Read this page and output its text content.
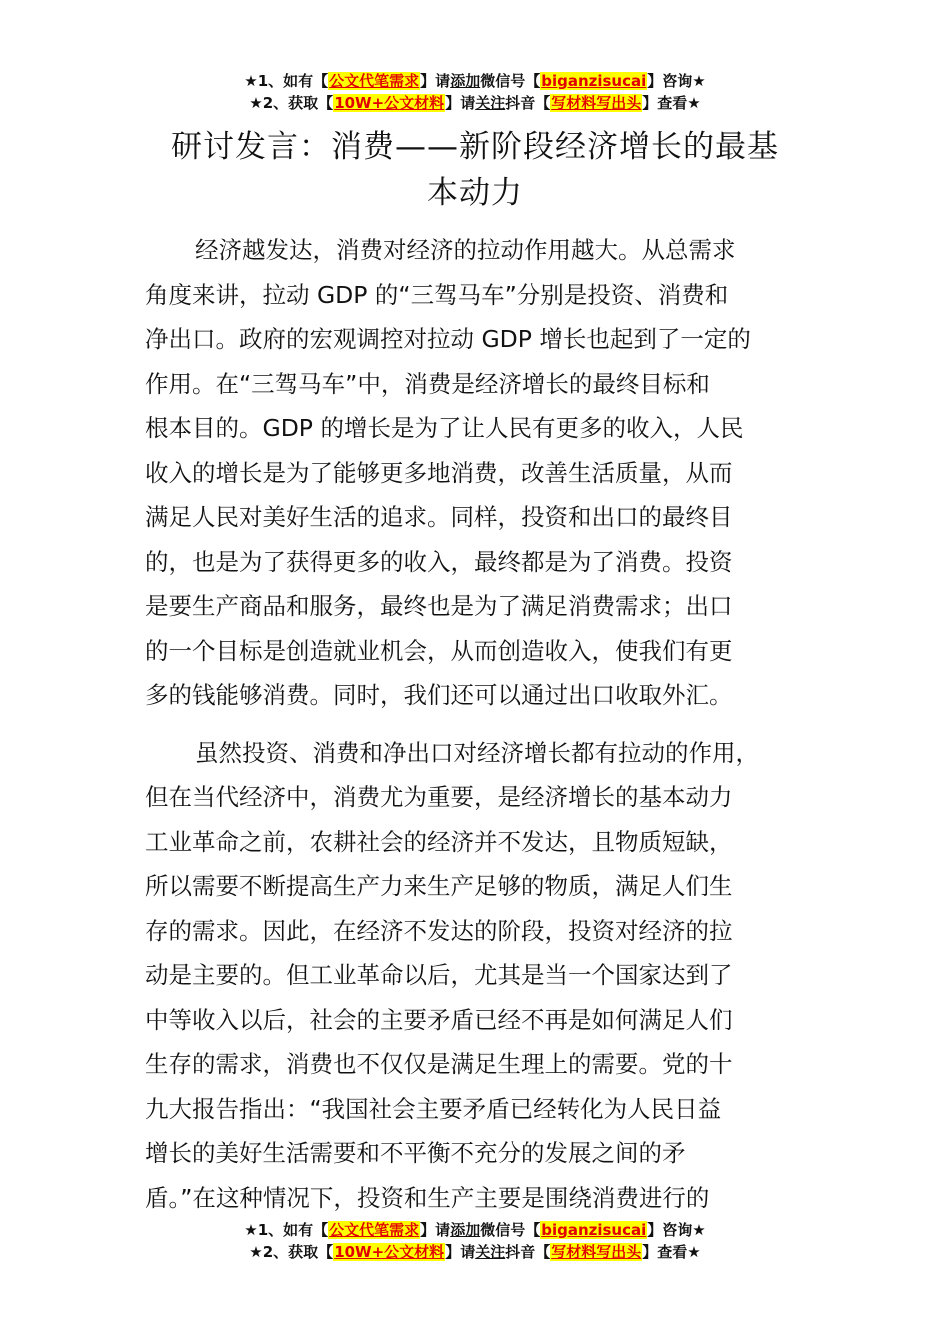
★1、如有【公文代笔需求】请添加微信号【biganzisucai】咨询★
★2、获取【10W+公文材料】请关注抖音【写材料写出头】查看★
研讨发言：消费——新阶段经济增长的最基
本动力
经济越发达，消费对经济的拉动作用越大。从总需求
角度来讲，拉动 GDP 的“三驾马车”分别是投资、消费和
净出口。政府的宏观调控对拉动 GDP 增长也起到了一定的
作用。在“三驾马车”中，消费是经济增长的最终目标和
根本目的。GDP 的增长是为了让人民有更多的收入，人民
收入的增长是为了能够更多地消费，改善生活质量，从而
满足人民对美好生活的追求。同样，投资和出口的最终目
的，也是为了获得更多的收入，最终都是为了消费。投资
是要生产商品和服务，最终也是为了满足消费需求；出口
的一个目标是创造就业机会，从而创造收入，使我们有更
多的钱能够消费。同时，我们还可以通过出口收取外汇。
虽然投资、消费和净出口对经济增长都有拉动的作用，
但在当代经济中，消费尤为重要，是经济增长的基本动力
工业革命之前，农耕社会的经济并不发达，且物质短缺，
所以需要不断提高生产力来生产足够的物质，满足人们生
存的需求。因此，在经济不发达的阶段，投资对经济的拉
动是主要的。但工业革命以后，尤其是当一个国家达到了
中等收入以后，社会的主要矛盾已经不再是如何满足人们
生存的需求，消费也不仅仅是满足生理上的需要。党的十
九大报告指出：“我国社会主要矛盾已经转化为人民日益
增长的美好生活需要和不平衡不充分的发展之间的矛
盾。”在这种情况下，投资和生产主要是围绕消费进行的
★1、如有【公文代笔需求】请添加微信号【biganzisucai】咨询★
★2、获取【10W+公文材料】请关注抖音【写材料写出头】查看★
